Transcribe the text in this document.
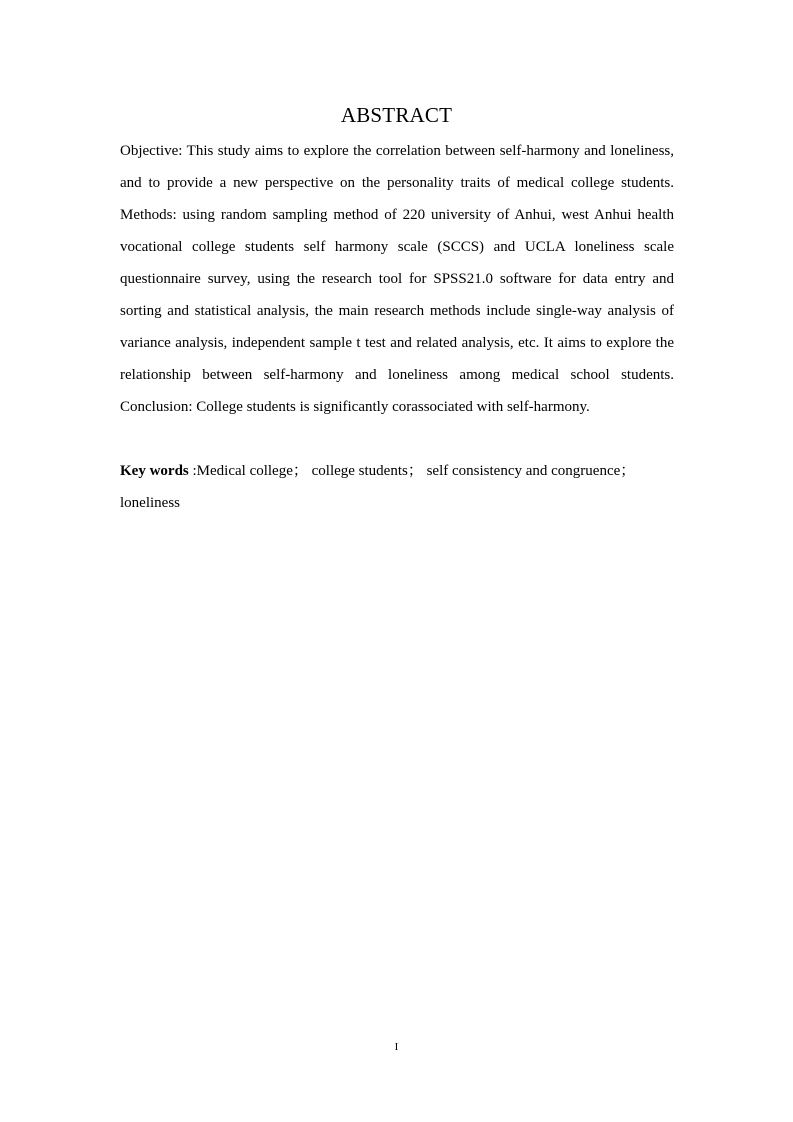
ABSTRACT

Objective: This study aims to explore the correlation between self-harmony and loneliness, and to provide a new perspective on the personality traits of medical college students. Methods: using random sampling method of 220 university of Anhui, west Anhui health vocational college students self harmony scale (SCCS) and UCLA loneliness scale questionnaire survey, using the research tool for SPSS21.0 software for data entry and sorting and statistical analysis, the main research methods include single-way analysis of variance analysis, independent sample t test and related analysis, etc. It aims to explore the relationship between self-harmony and loneliness among medical school students. Conclusion: College students is significantly corassociated with self-harmony.

Key words :Medical college； college students； self consistency and congruence；loneliness

I
